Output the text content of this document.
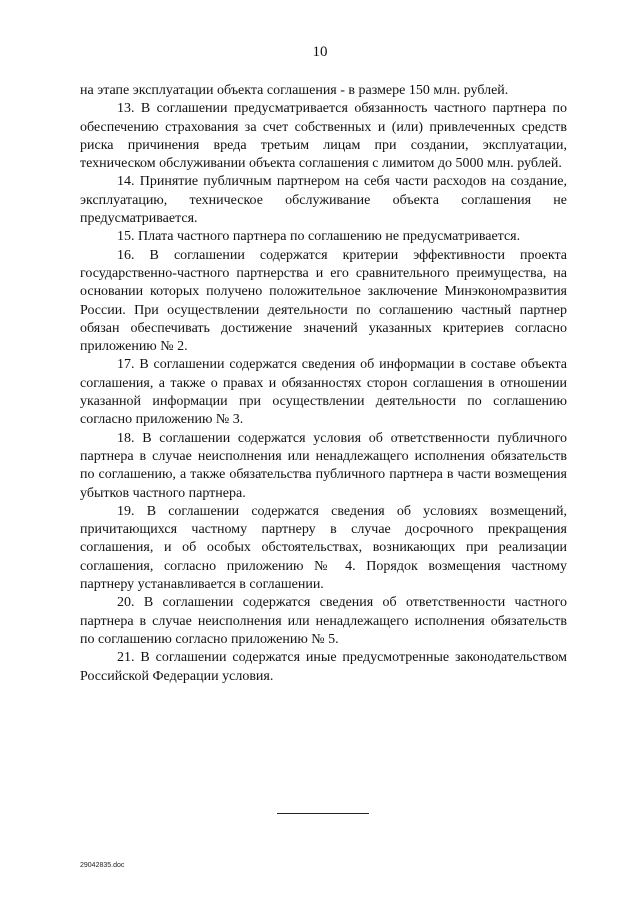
10

на этапе эксплуатации объекта соглашения - в размере 150 млн. рублей.

13. В соглашении предусматривается обязанность частного партнера по обеспечению страхования за счет собственных и (или) привлеченных средств риска причинения вреда третьим лицам при создании, эксплуатации, техническом обслуживании объекта соглашения с лимитом до 5000 млн. рублей.

14. Принятие публичным партнером на себя части расходов на создание, эксплуатацию, техническое обслуживание объекта соглашения не предусматривается.

15. Плата частного партнера по соглашению не предусматривается.

16. В соглашении содержатся критерии эффективности проекта государственно-частного партнерства и его сравнительного преимущества, на основании которых получено положительное заключение Минэкономразвития России. При осуществлении деятельности по соглашению частный партнер обязан обеспечивать достижение значений указанных критериев согласно приложению № 2.

17. В соглашении содержатся сведения об информации в составе объекта соглашения, а также о правах и обязанностях сторон соглашения в отношении указанной информации при осуществлении деятельности по соглашению согласно приложению № 3.

18. В соглашении содержатся условия об ответственности публичного партнера в случае неисполнения или ненадлежащего исполнения обязательств по соглашению, а также обязательства публичного партнера в части возмещения убытков частного партнера.

19. В соглашении содержатся сведения об условиях возмещений, причитающихся частному партнеру в случае досрочного прекращения соглашения, и об особых обстоятельствах, возникающих при реализации соглашения, согласно приложению № 4. Порядок возмещения частному партнеру устанавливается в соглашении.

20. В соглашении содержатся сведения об ответственности частного партнера в случае неисполнения или ненадлежащего исполнения обязательств по соглашению согласно приложению № 5.

21. В соглашении содержатся иные предусмотренные законодательством Российской Федерации условия.

29042835.doc
